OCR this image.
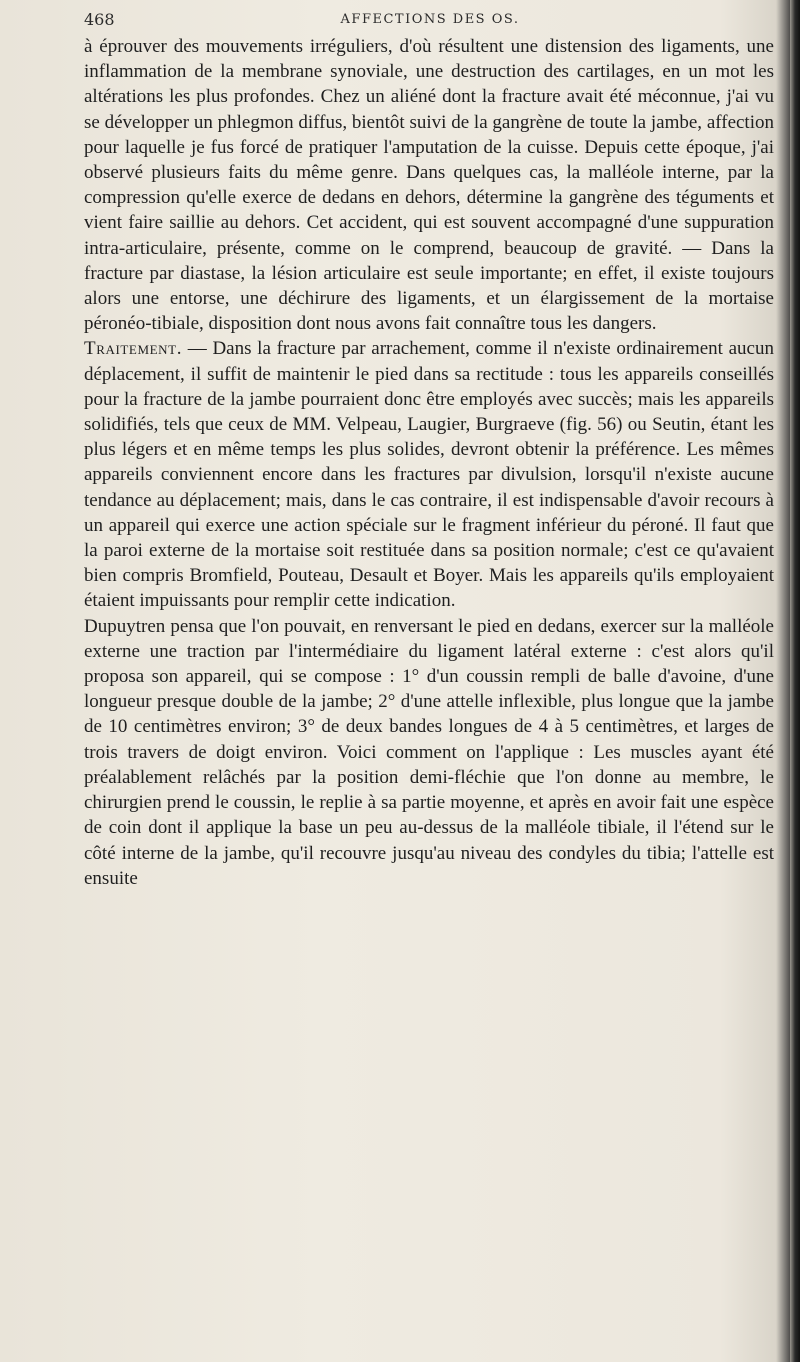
468	AFFECTIONS DES OS.

à éprouver des mouvements irréguliers, d'où résultent une distension des ligaments, une inflammation de la membrane synoviale, une destruction des cartilages, en un mot les altérations les plus profondes. Chez un aliéné dont la fracture avait été méconnue, j'ai vu se développer un phlegmon diffus, bientôt suivi de la gangrène de toute la jambe, affection pour laquelle je fus forcé de pratiquer l'amputation de la cuisse. Depuis cette époque, j'ai observé plusieurs faits du même genre. Dans quelques cas, la malléole interne, par la compression qu'elle exerce de dedans en dehors, détermine la gangrène des téguments et vient faire saillie au dehors. Cet accident, qui est souvent accompagné d'une suppuration intra-articulaire, présente, comme on le comprend, beaucoup de gravité. — Dans la fracture par diastase, la lésion articulaire est seule importante; en effet, il existe toujours alors une entorse, une déchirure des ligaments, et un élargissement de la mortaise péronéo-tibiale, disposition dont nous avons fait connaître tous les dangers.

Traitement. — Dans la fracture par arrachement, comme il n'existe ordinairement aucun déplacement, il suffit de maintenir le pied dans sa rectitude : tous les appareils conseillés pour la fracture de la jambe pourraient donc être employés avec succès; mais les appareils solidifiés, tels que ceux de MM. Velpeau, Laugier, Burgraeve (fig. 56) ou Seutin, étant les plus légers et en même temps les plus solides, devront obtenir la préférence. Les mêmes appareils conviennent encore dans les fractures par divulsion, lorsqu'il n'existe aucune tendance au déplacement; mais, dans le cas contraire, il est indispensable d'avoir recours à un appareil qui exerce une action spéciale sur le fragment inférieur du péroné. Il faut que la paroi externe de la mortaise soit restituée dans sa position normale; c'est ce qu'avaient bien compris Bromfield, Pouteau, Desault et Boyer. Mais les appareils qu'ils employaient étaient impuissants pour remplir cette indication.

Dupuytren pensa que l'on pouvait, en renversant le pied en dedans, exercer sur la malléole externe une traction par l'intermédiaire du ligament latéral externe : c'est alors qu'il proposa son appareil, qui se compose : 1° d'un coussin rempli de balle d'avoine, d'une longueur presque double de la jambe; 2° d'une attelle inflexible, plus longue que la jambe de 10 centimètres environ; 3° de deux bandes longues de 4 à 5 centimètres, et larges de trois travers de doigt environ. Voici comment on l'applique : Les muscles ayant été préalablement relâchés par la position demi-fléchie que l'on donne au membre, le chirurgien prend le coussin, le replie à sa partie moyenne, et après en avoir fait une espèce de coin dont il applique la base un peu au-dessus de la malléole tibiale, il l'étend sur le côté interne de la jambe, qu'il recouvre jusqu'au niveau des condyles du tibia; l'attelle est ensuite
